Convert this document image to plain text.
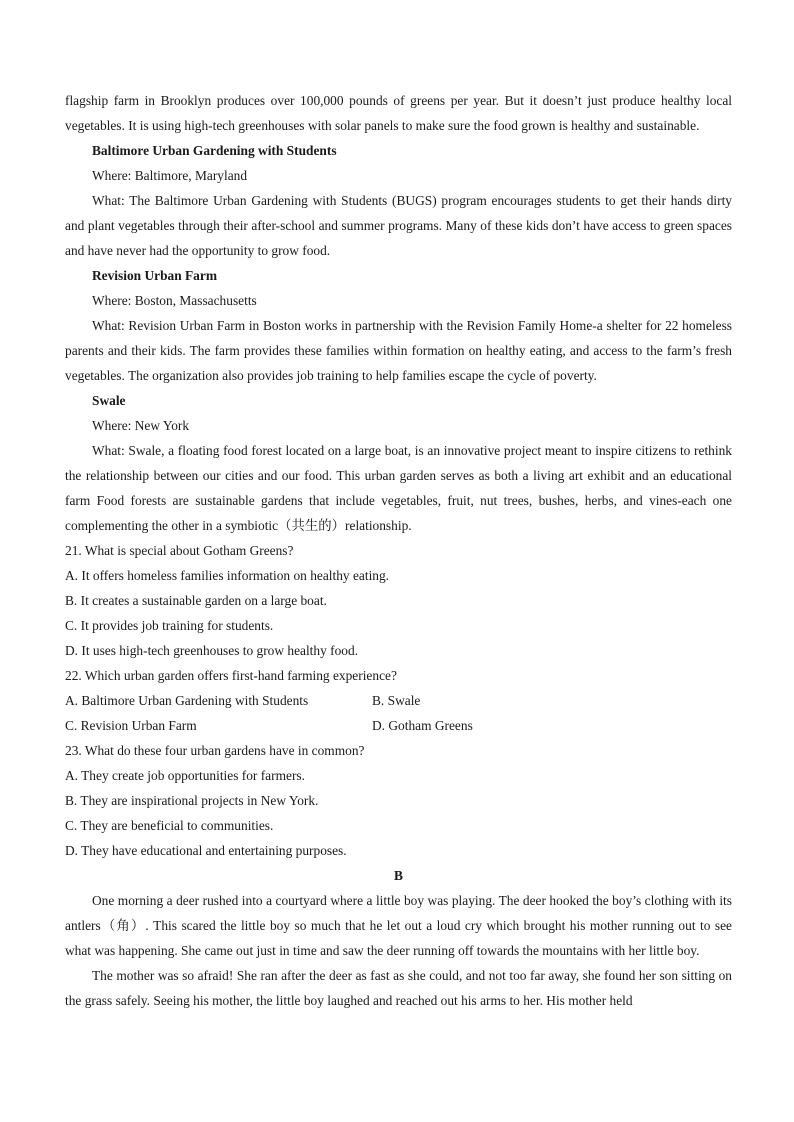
flagship farm in Brooklyn produces over 100,000 pounds of greens per year. But it doesn’t just produce healthy local vegetables. It is using high-tech greenhouses with solar panels to make sure the food grown is healthy and sustainable.

Baltimore Urban Gardening with Students

Where: Baltimore, Maryland

What: The Baltimore Urban Gardening with Students (BUGS) program encourages students to get their hands dirty and plant vegetables through their after-school and summer programs. Many of these kids don’t have access to green spaces and have never had the opportunity to grow food.

Revision Urban Farm

Where: Boston, Massachusetts

What: Revision Urban Farm in Boston works in partnership with the Revision Family Home-a shelter for 22 homeless parents and their kids. The farm provides these families within formation on healthy eating, and access to the farm’s fresh vegetables. The organization also provides job training to help families escape the cycle of poverty.

Swale

Where: New York

What: Swale, a floating food forest located on a large boat, is an innovative project meant to inspire citizens to rethink the relationship between our cities and our food. This urban garden serves as both a living art exhibit and an educational farm Food forests are sustainable gardens that include vegetables, fruit, nut trees, bushes, herbs, and vines-each one complementing the other in a symbiotic（共生的）relationship.

21. What is special about Gotham Greens?

A. It offers homeless families information on healthy eating.

B. It creates a sustainable garden on a large boat.

C. It provides job training for students.

D. It uses high-tech greenhouses to grow healthy food.

22. Which urban garden offers first-hand farming experience?

A. Baltimore Urban Gardening with Students	B. Swale
C. Revision Urban Farm	D. Gotham Greens

23. What do these four urban gardens have in common?

A. They create job opportunities for farmers.

B. They are inspirational projects in New York.

C. They are beneficial to communities.

D. They have educational and entertaining purposes.

B

One morning a deer rushed into a courtyard where a little boy was playing. The deer hooked the boy’s clothing with its antlers（角）. This scared the little boy so much that he let out a loud cry which brought his mother running out to see what was happening. She came out just in time and saw the deer running off towards the mountains with her little boy.

The mother was so afraid! She ran after the deer as fast as she could, and not too far away, she found her son sitting on the grass safely. Seeing his mother, the little boy laughed and reached out his arms to her. His mother held
